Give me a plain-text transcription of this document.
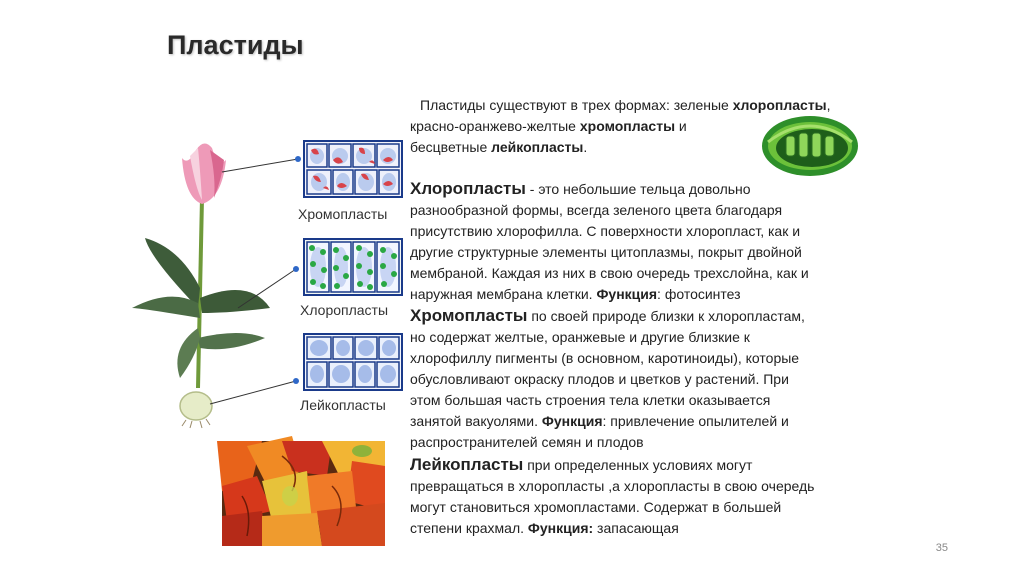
Пластиды
Пластиды существуют в трех формах: зеленые хлоропласты,
красно-оранжево-желтые хромопласты и
бесцветные лейкопласты.
Хлоропласты - это небольшие тельца довольно
разнообразной формы, всегда зеленого цвета благодаря
присутствию хлорофилла. С поверхности хлоропласт, как и
другие структурные элементы цитоплазмы, покрыт двойной
мембраной. Каждая из них в свою очередь трехслойна, как и
наружная мембрана клетки. Функция: фотосинтез
Хромопласты по своей природе близки к хлоропластам,
но содержат желтые, оранжевые и другие близкие к
хлорофиллу пигменты (в основном, каротиноиды), которые
обусловливают окраску плодов и цветков у растений. При
этом большая часть строения тела клетки оказывается
занятой вакуолями. Функция: привлечение опылителей и
распространителей семян и плодов
Лейкопласты при определенных условиях могут
превращаться в хлоропласты ,а хлоропласты в свою очередь
могут становиться хромопластами. Содержат в большей
степени крахмал. Функция: запасающая
Хромопласты
Хлоропласты
Лейкопласты
35
